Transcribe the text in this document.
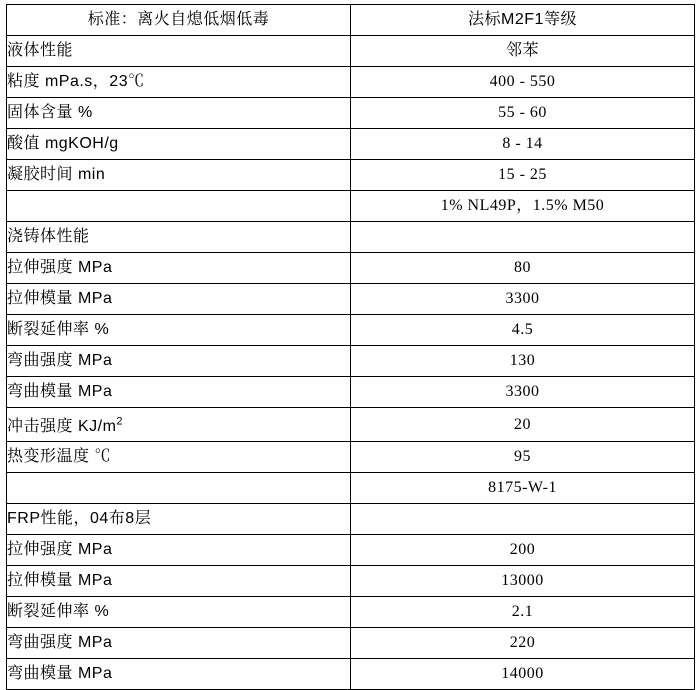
标准：离火自熄低烟低毒	法标M2F1等级
液体性能	邻苯
粘度 mPa.s，23℃	400 - 550
固体含量 %	55 - 60
酸值 mgKOH/g	8 - 14
凝胶时间 min	15 - 25
	1% NL49P，1.5% M50
浇铸体性能	
拉伸强度 MPa	80
拉伸模量 MPa	3300
断裂延伸率 %	4.5
弯曲强度 MPa	130
弯曲模量 MPa	3300
冲击强度 $KJ/m^2$	20
热变形温度 ℃	95
	8175-W-1
FRP性能，04布8层	
拉伸强度 MPa	200
拉伸模量 MPa	13000
断裂延伸率 %	2.1
弯曲强度 MPa	220
弯曲模量 MPa	14000
